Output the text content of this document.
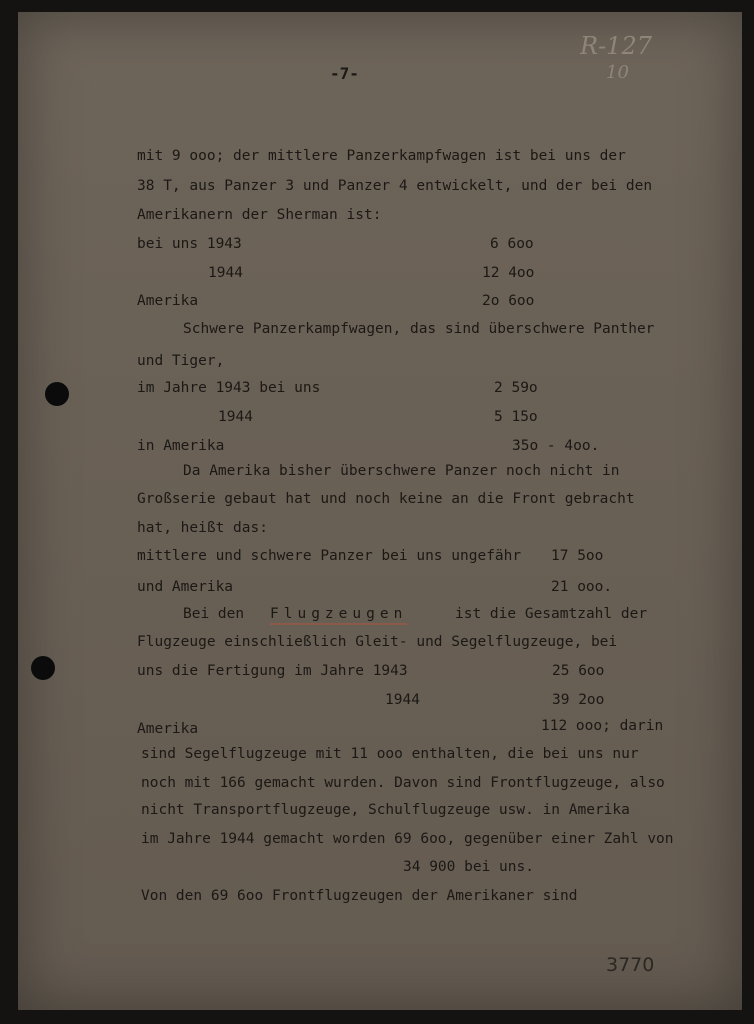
-7-
R-127
10
mit 9 ooo; der mittlere Panzerkampfwagen ist bei uns der
38 T, aus Panzer 3 und Panzer 4 entwickelt, und der bei den
Amerikanern der Sherman ist:
bei uns 1943	6 6oo
1944	12 4oo
Amerika	2o 6oo
Schwere Panzerkampfwagen, das sind überschwere Panther
und Tiger,
im Jahre 1943 bei uns	2 59o
1944	5 15o
in Amerika	35o - 4oo.
Da Amerika bisher überschwere Panzer noch nicht in
Großserie gebaut hat und noch keine an die Front gebracht
hat, heißt das:
mittlere und schwere Panzer bei uns ungefähr 17 5oo
und Amerika	21 ooo.
Bei den Flugzeugen	ist die Gesamtzahl der
Flugzeuge einschließlich Gleit- und Segelflugzeuge, bei
uns die Fertigung im Jahre 1943	25 6oo
1944	39 2oo
Amerika	112 ooo; darin
sind Segelflugzeuge mit 11 ooo enthalten, die bei uns nur
noch mit 166 gemacht wurden. Davon sind Frontflugzeuge, also
nicht Transportflugzeuge, Schulflugzeuge usw. in Amerika
im Jahre 1944 gemacht worden 69 6oo, gegenüber einer Zahl von
34 900 bei uns.
Von den 69 6oo Frontflugzeugen der Amerikaner sind
3770
